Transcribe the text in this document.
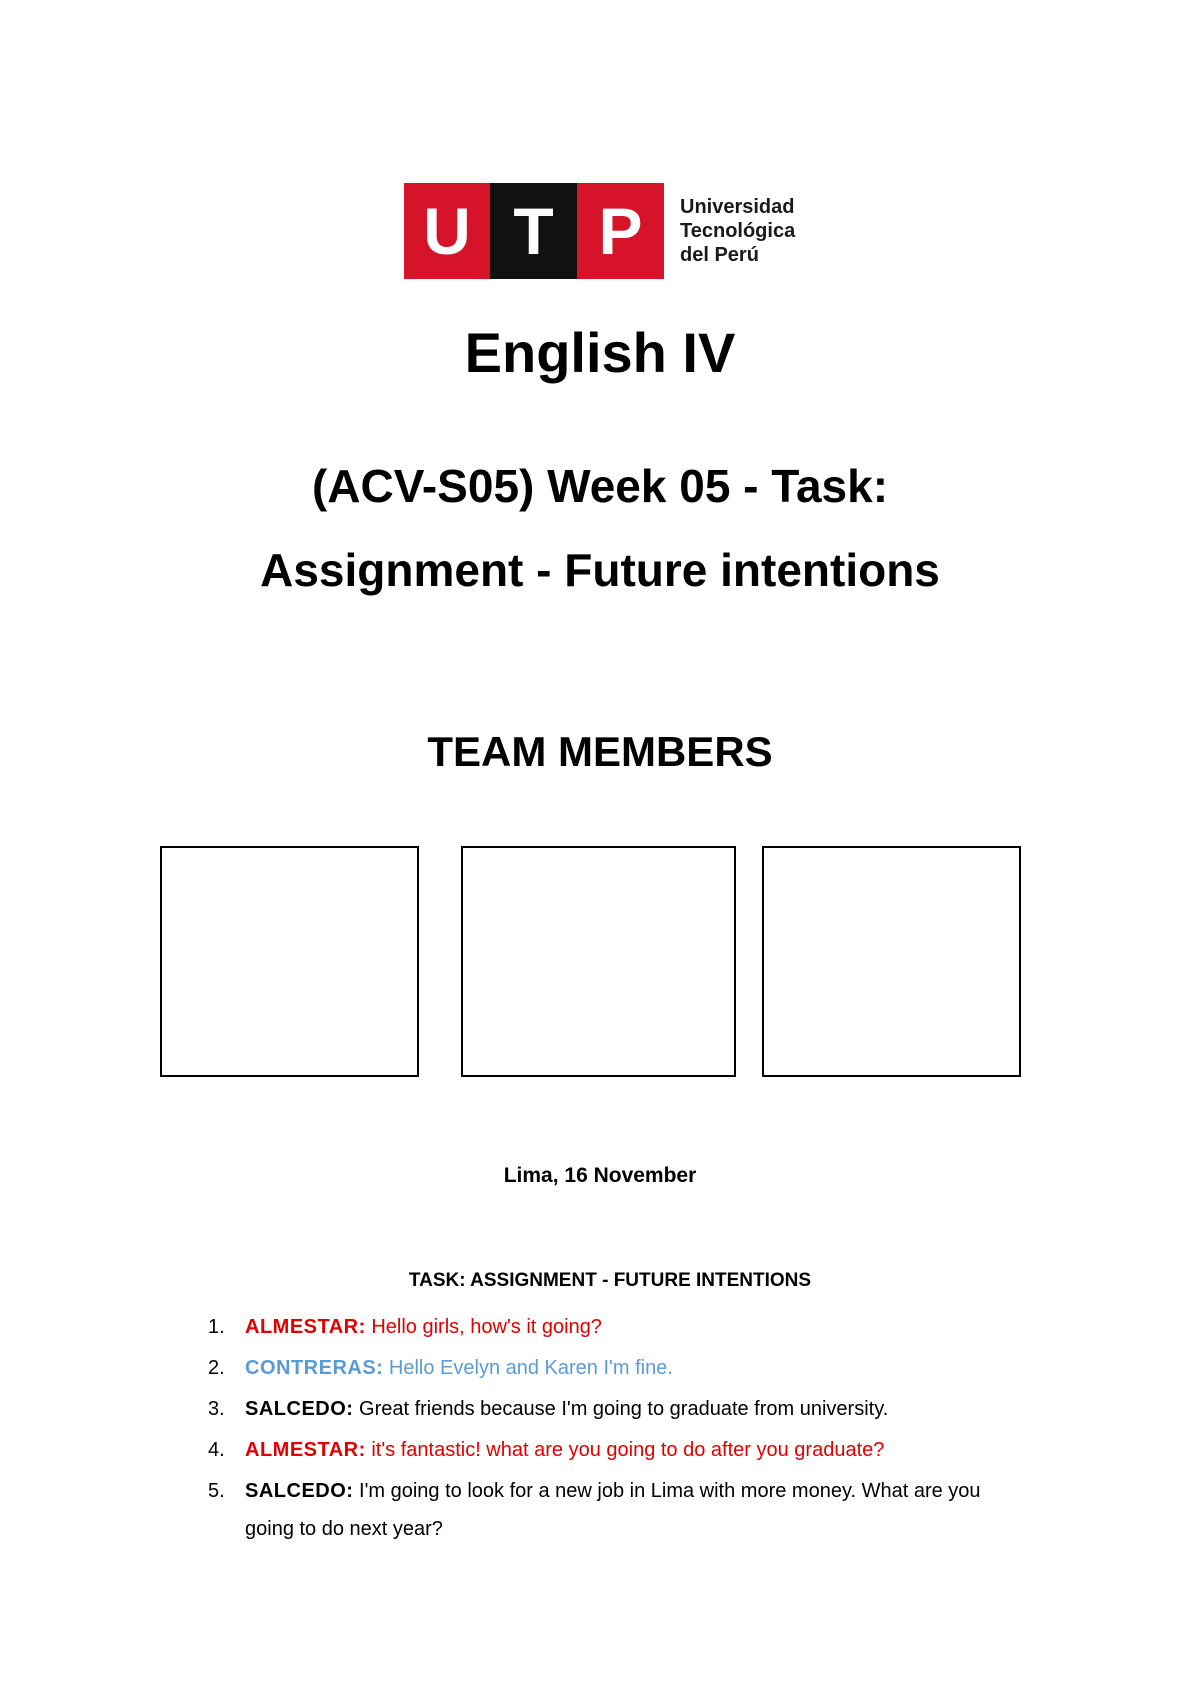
U T P	Universidad
Tecnológica
del Perú
English IV
(ACV-S05) Week 05 - Task:
Assignment - Future intentions
TEAM MEMBERS
Lima, 16 November
TASK: ASSIGNMENT - FUTURE INTENTIONS
1. ALMESTAR: Hello girls, how's it going?
2. CONTRERAS: Hello Evelyn and Karen I'm fine.
3. SALCEDO: Great friends because I'm going to graduate from university.
4. ALMESTAR: it's fantastic! what are you going to do after you graduate?
5. SALCEDO: I'm going to look for a new job in Lima with more money. What are you going to do next year?
